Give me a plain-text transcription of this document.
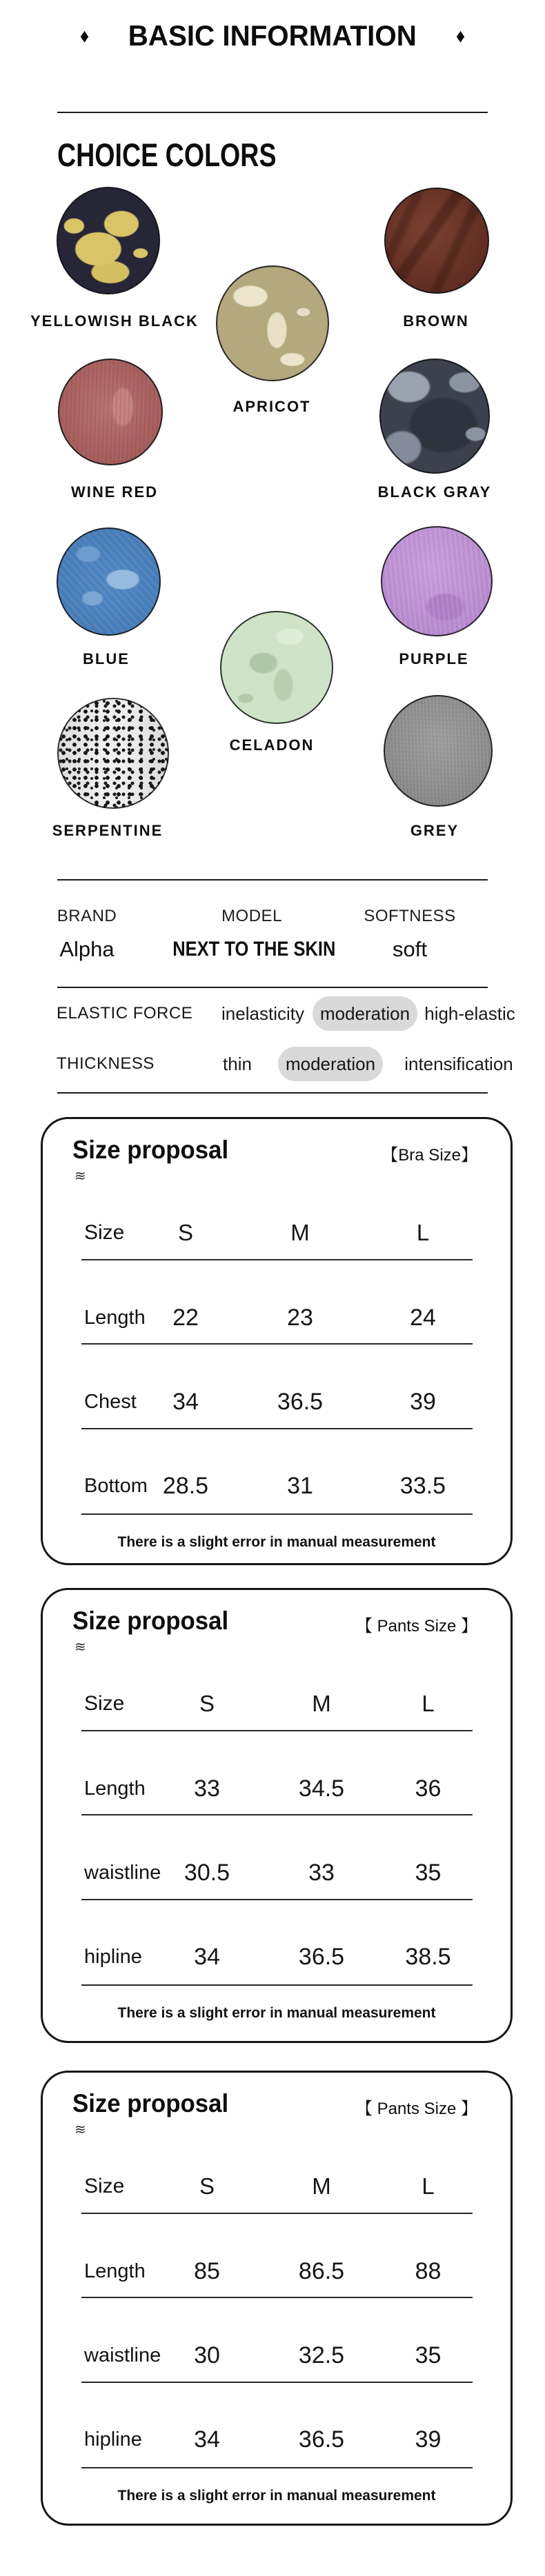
◆ BASIC INFORMATION	◆
CHOICE COLORS
YELLOWISH BLACK	BROWN
APRICOT
WINE RED	BLACK GRAY
BLUE	PURPLE
CELADON
SERPENTINE	GREY
BRAND	MODEL	SOFTNESS
Alpha	NEXT TO THE SKIN	soft
ELASTIC FORCE	inelasticity moderation high-elastic
THICKNESS	thin	moderation	intensification
Size proposal
≋
【Bra Size】
Size	S	M	L
Length	22	23	24
Chest	34	36.5	39
Bottom 28.5	31	33.5
There is a slight error in manual measurement
Size proposal
≋
【 Pants Size 】
Size	S	M	L
Length	33	34.5	36
waistline 30.5	33	35
hipline	34	36.5	38.5
There is a slight error in manual measurement
Size proposal
≋
【 Pants Size 】
Size	S	M	L
Length	85	86.5	88
waistline	30	32.5	35
hipline	34	36.5	39
There is a slight error in manual measurement
